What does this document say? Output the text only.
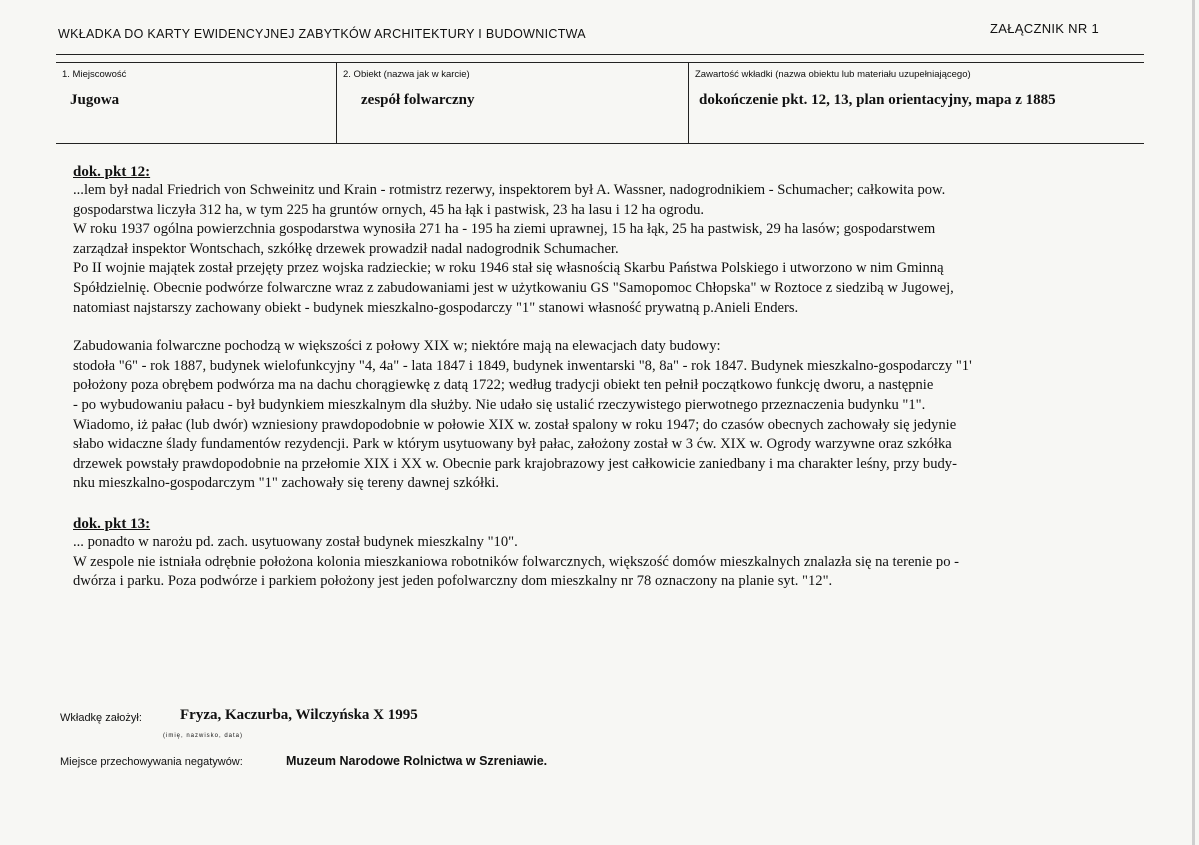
WKŁADKA DO KARTY EWIDENCYJNEJ ZABYTKÓW ARCHITEKTURY I BUDOWNICTWA	ZAŁĄCZNIK NR 1
1. Miejscowość
Jugowa
2. Obiekt (nazwa jak w karcie)
zespół folwarczny
Zawartość wkładki (nazwa obiektu lub materiału uzupełniającego)
dokończenie pkt. 12, 13, plan orientacyjny, mapa z 1885
dok. pkt 12:
...lem był nadal Friedrich von Schweinitz und Krain - rotmistrz rezerwy, inspektorem był A. Wassner, nadogrodnikiem - Schumacher; całkowita pow.
gospodarstwa liczyła 312 ha, w tym 225 ha gruntów ornych, 45 ha łąk i pastwisk, 23 ha lasu i 12 ha ogrodu.
W roku 1937 ogólna powierzchnia gospodarstwa wynosiła 271 ha - 195 ha ziemi uprawnej, 15 ha łąk, 25 ha pastwisk, 29 ha lasów; gospodarstwem
zarządzał inspektor Wontschach, szkółkę drzewek prowadził nadal nadogrodnik Schumacher.
Po II wojnie majątek został przejęty przez wojska radzieckie; w roku 1946 stał się własnością Skarbu Państwa Polskiego i utworzono w nim Gminną
Spółdzielnię. Obecnie podwórze folwarczne wraz z zabudowaniami jest w użytkowaniu GS "Samopomoc Chłopska" w Roztoce z siedzibą w Jugowej,
natomiast najstarszy zachowany obiekt - budynek mieszkalno-gospodarczy "1" stanowi własność prywatną p.Anieli Enders.
Zabudowania folwarczne pochodzą w większości z połowy XIX w; niektóre mają na elewacjach daty budowy:
stodoła "6" - rok 1887, budynek wielofunkcyjny "4, 4a" - lata 1847 i 1849, budynek inwentarski "8, 8a" - rok 1847. Budynek mieszkalno-gospodarczy "1'
położony poza obrębem podwórza ma na dachu chorągiewkę z datą 1722; według tradycji obiekt ten pełnił początkowo funkcję dworu, a następnie
- po wybudowaniu pałacu - był budynkiem mieszkalnym dla służby. Nie udało się ustalić rzeczywistego pierwotnego przeznaczenia budynku "1".
Wiadomo, iż pałac (lub dwór) wzniesiony prawdopodobnie w połowie XIX w. został spalony w roku 1947; do czasów obecnych zachowały się jedynie
słabo widaczne ślady fundamentów rezydencji. Park w którym usytuowany był pałac, założony został w 3 ćw. XIX w. Ogrody warzywne oraz szkółka
drzewek powstały prawdopodobnie na przełomie XIX i XX w. Obecnie park krajobrazowy jest całkowicie zaniedbany i ma charakter leśny, przy budy-
nku mieszkalno-gospodarczym "1" zachowały się tereny dawnej szkółki.
dok. pkt 13:
... ponadto w narożu pd. zach. usytuowany został budynek mieszkalny "10".
W zespole nie istniała odrębnie położona kolonia mieszkaniowa robotników folwarcznych, większość domów mieszkalnych znalazła się na terenie po -
dwórza i parku. Poza podwórze i parkiem położony jest jeden pofolwarczny dom mieszkalny nr 78 oznaczony na planie syt. "12".
Wkładkę założył:	Fryza, Kaczurba, Wilczyńska X 1995
(imię, nazwisko, data)
Miejsce przechowywania negatywów:	Muzeum Narodowe Rolnictwa w Szreniawie.
